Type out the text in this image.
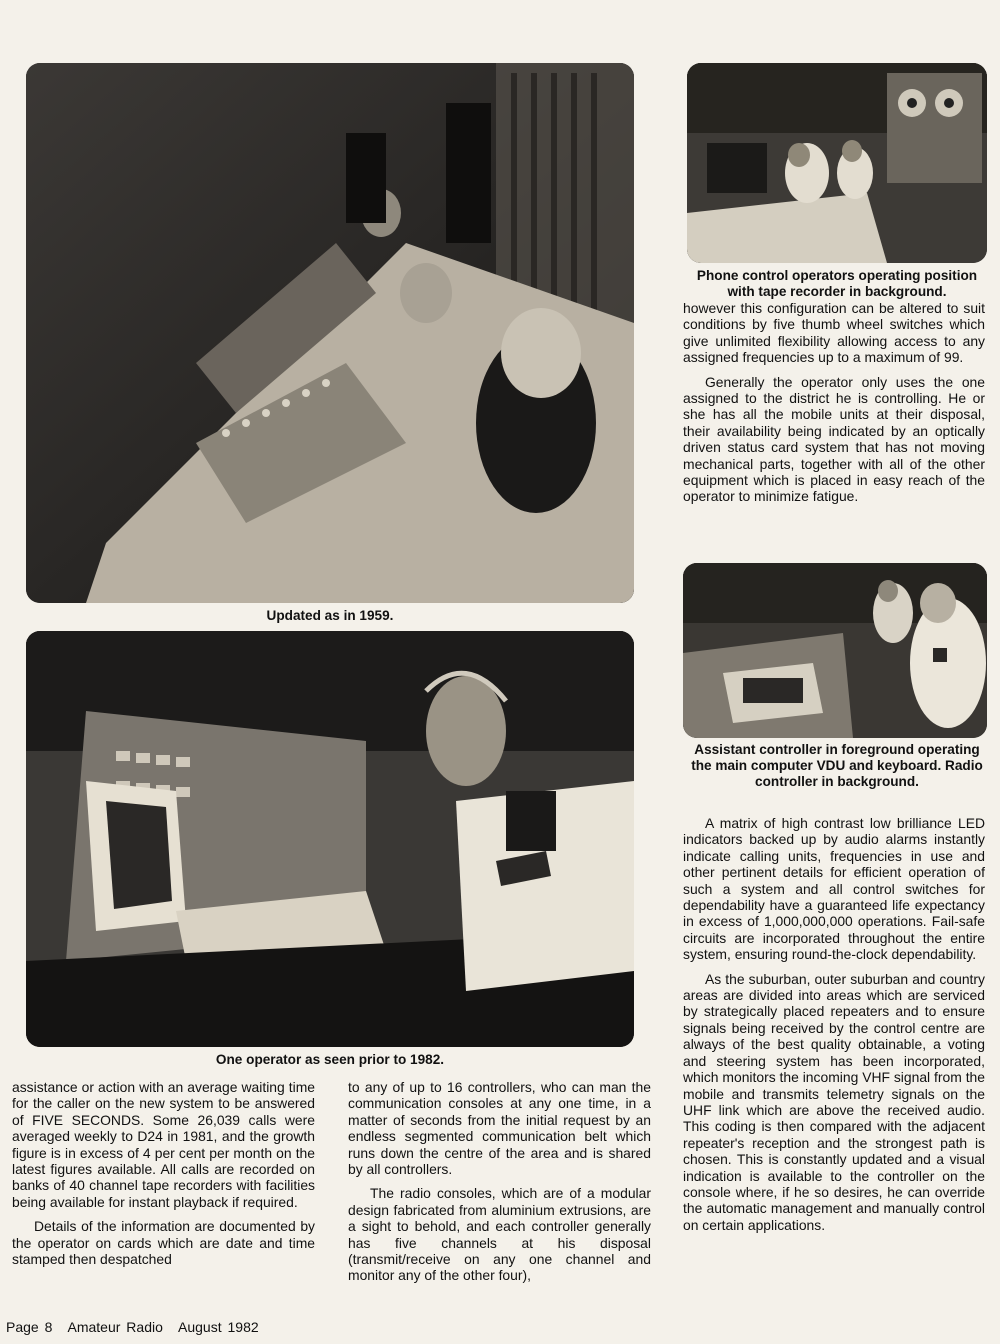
Updated as in 1959.
One operator as seen prior to 1982.
Phone control operators operating position with tape recorder in background.
Assistant controller in foreground operating the main computer VDU and keyboard. Radio controller in background.

however this configuration can be altered to suit conditions by five thumb wheel switches which give unlimited flexibility allowing access to any assigned frequencies up to a maximum of 99.

Generally the operator only uses the one assigned to the district he is controlling. He or she has all the mobile units at their disposal, their availability being indicated by an optically driven status card system that has not moving mechanical parts, together with all of the other equipment which is placed in easy reach of the operator to minimize fatigue.

A matrix of high contrast low brilliance LED indicators backed up by audio alarms instantly indicate calling units, frequencies in use and other pertinent details for efficient operation of such a system and all control switches for dependability have a guaranteed life expectancy in excess of 1,000,000,000 operations. Fail-safe circuits are incorporated throughout the entire system, ensuring round-the-clock dependability.

As the suburban, outer suburban and country areas are divided into areas which are serviced by strategically placed repeaters and to ensure signals being received by the control centre are always of the best quality obtainable, a voting and steering system has been incorporated, which monitors the incoming VHF signal from the mobile and transmits telemetry signals on the UHF link which are above the received audio. This coding is then compared with the adjacent repeater's reception and the strongest path is chosen. This is constantly updated and a visual indication is available to the controller on the console where, if he so desires, he can override the automatic management and manually control on certain applications.

assistance or action with an average waiting time for the caller on the new system to be answered of FIVE SECONDS. Some 26,039 calls were averaged weekly to D24 in 1981, and the growth figure is in excess of 4 per cent per month on the latest figures available. All calls are recorded on banks of 40 channel tape recorders with facilities being available for instant playback if required.

Details of the information are documented by the operator on cards which are date and time stamped then despatched

to any of up to 16 controllers, who can man the communication consoles at any one time, in a matter of seconds from the initial request by an endless segmented communication belt which runs down the centre of the area and is shared by all controllers.

The radio consoles, which are of a modular design fabricated from aluminium extrusions, are a sight to behold, and each controller generally has five channels at his disposal (transmit/receive on any one channel and monitor any of the other four),

Page 8 Amateur Radio August 1982
